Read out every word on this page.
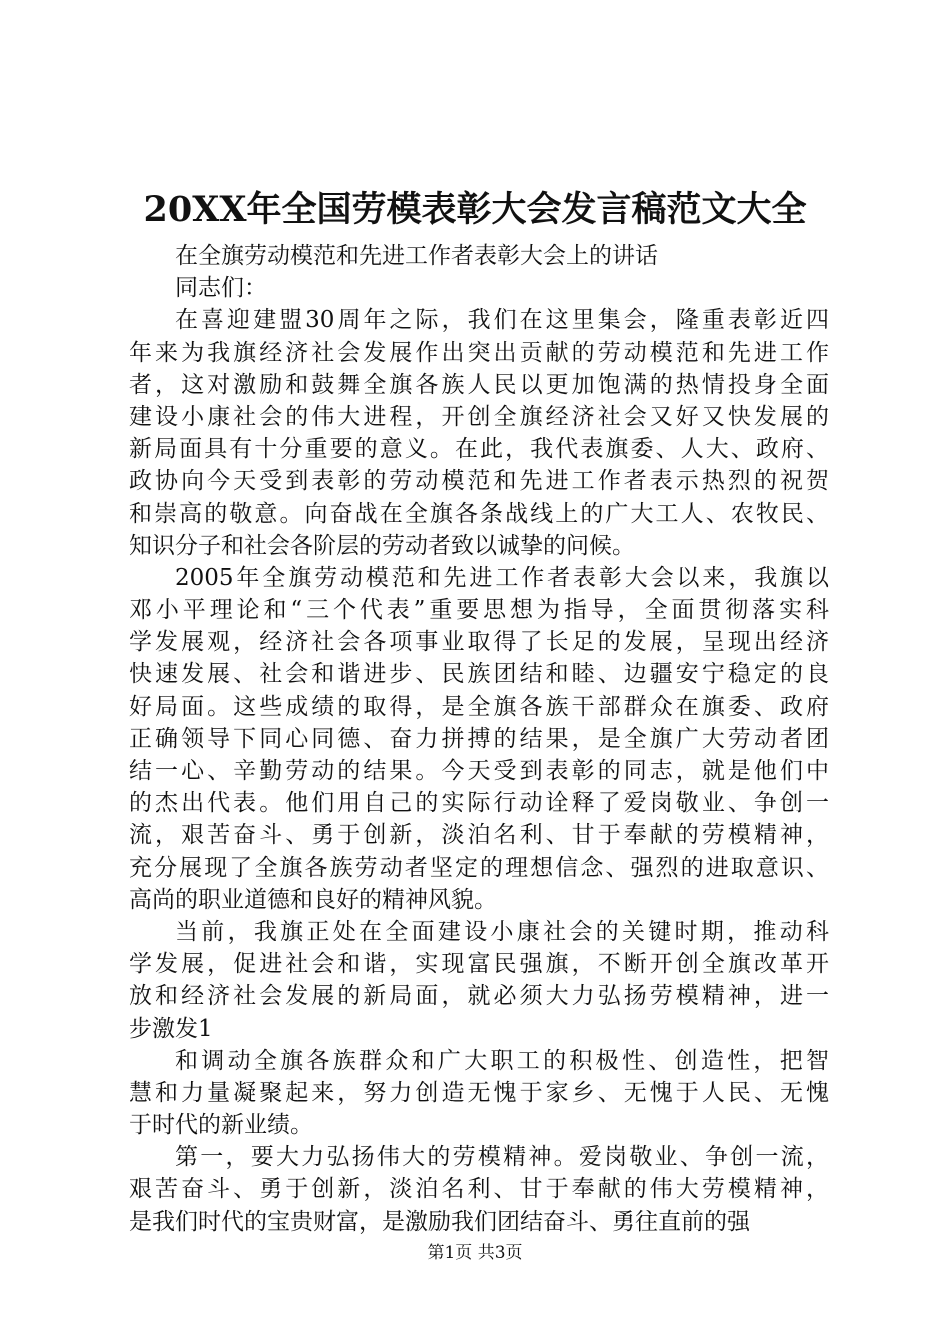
20XX年全国劳模表彰大会发言稿范文大全
在全旗劳动模范和先进工作者表彰大会上的讲话
同志们：
在喜迎建盟30周年之际，我们在这里集会，隆重表彰近四
年来为我旗经济社会发展作出突出贡献的劳动模范和先进工作
者，这对激励和鼓舞全旗各族人民以更加饱满的热情投身全面
建设小康社会的伟大进程，开创全旗经济社会又好又快发展的
新局面具有十分重要的意义。在此，我代表旗委、人大、政府、
政协向今天受到表彰的劳动模范和先进工作者表示热烈的祝贺
和崇高的敬意。向奋战在全旗各条战线上的广大工人、农牧民、
知识分子和社会各阶层的劳动者致以诚挚的问候。
2005年全旗劳动模范和先进工作者表彰大会以来，我旗以
邓小平理论和“三个代表”重要思想为指导，全面贯彻落实科
学发展观，经济社会各项事业取得了长足的发展，呈现出经济
快速发展、社会和谐进步、民族团结和睦、边疆安宁稳定的良
好局面。这些成绩的取得，是全旗各族干部群众在旗委、政府
正确领导下同心同德、奋力拼搏的结果，是全旗广大劳动者团
结一心、辛勤劳动的结果。今天受到表彰的同志，就是他们中
的杰出代表。他们用自己的实际行动诠释了爱岗敬业、争创一
流，艰苦奋斗、勇于创新，淡泊名利、甘于奉献的劳模精神，
充分展现了全旗各族劳动者坚定的理想信念、强烈的进取意识、
高尚的职业道德和良好的精神风貌。
当前，我旗正处在全面建设小康社会的关键时期，推动科
学发展，促进社会和谐，实现富民强旗，不断开创全旗改革开
放和经济社会发展的新局面，就必须大力弘扬劳模精神，进一
步激发1
和调动全旗各族群众和广大职工的积极性、创造性，把智
慧和力量凝聚起来，努力创造无愧于家乡、无愧于人民、无愧
于时代的新业绩。
第一，要大力弘扬伟大的劳模精神。爱岗敬业、争创一流，
艰苦奋斗、勇于创新，淡泊名利、甘于奉献的伟大劳模精神，
是我们时代的宝贵财富，是激励我们团结奋斗、勇往直前的强
第1页 共3页
